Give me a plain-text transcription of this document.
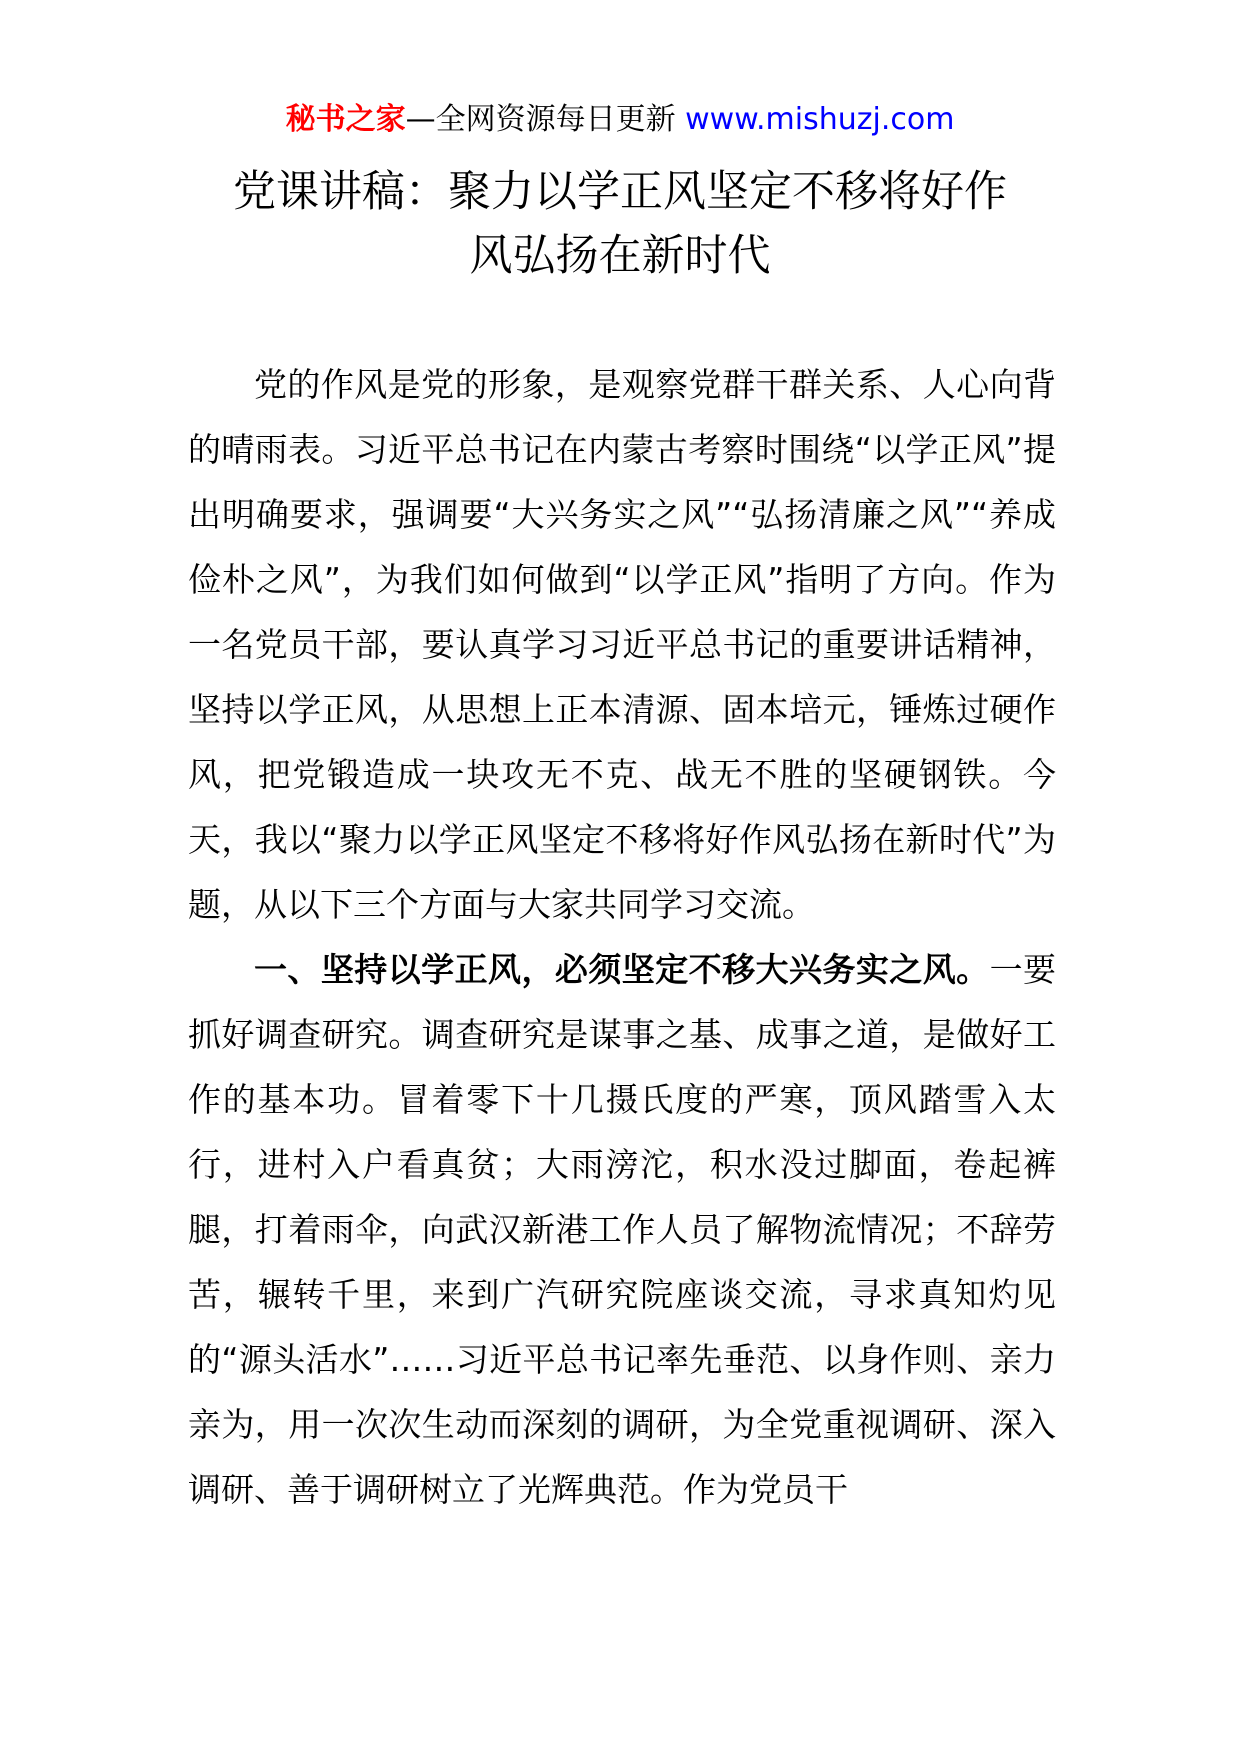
秘书之家—全网资源每日更新 www.mishuzj.com
党课讲稿：聚力以学正风坚定不移将好作
风弘扬在新时代

党的作风是党的形象，是观察党群干群关系、人心向背的晴雨表。习近平总书记在内蒙古考察时围绕“以学正风”提出明确要求，强调要“大兴务实之风”“弘扬清廉之风”“养成俭朴之风”，为我们如何做到“以学正风”指明了方向。作为一名党员干部，要认真学习习近平总书记的重要讲话精神，坚持以学正风，从思想上正本清源、固本培元，锤炼过硬作风，把党锻造成一块攻无不克、战无不胜的坚硬钢铁。今天，我以“聚力以学正风坚定不移将好作风弘扬在新时代”为题，从以下三个方面与大家共同学习交流。

一、坚持以学正风，必须坚定不移大兴务实之风。一要抓好调查研究。调查研究是谋事之基、成事之道，是做好工作的基本功。冒着零下十几摄氏度的严寒，顶风踏雪入太行，进村入户看真贫；大雨滂沱，积水没过脚面，卷起裤腿，打着雨伞，向武汉新港工作人员了解物流情况；不辞劳苦，辗转千里，来到广汽研究院座谈交流，寻求真知灼见的“源头活水”……习近平总书记率先垂范、以身作则、亲力亲为，用一次次生动而深刻的调研，为全党重视调研、深入调研、善于调研树立了光辉典范。作为党员干
